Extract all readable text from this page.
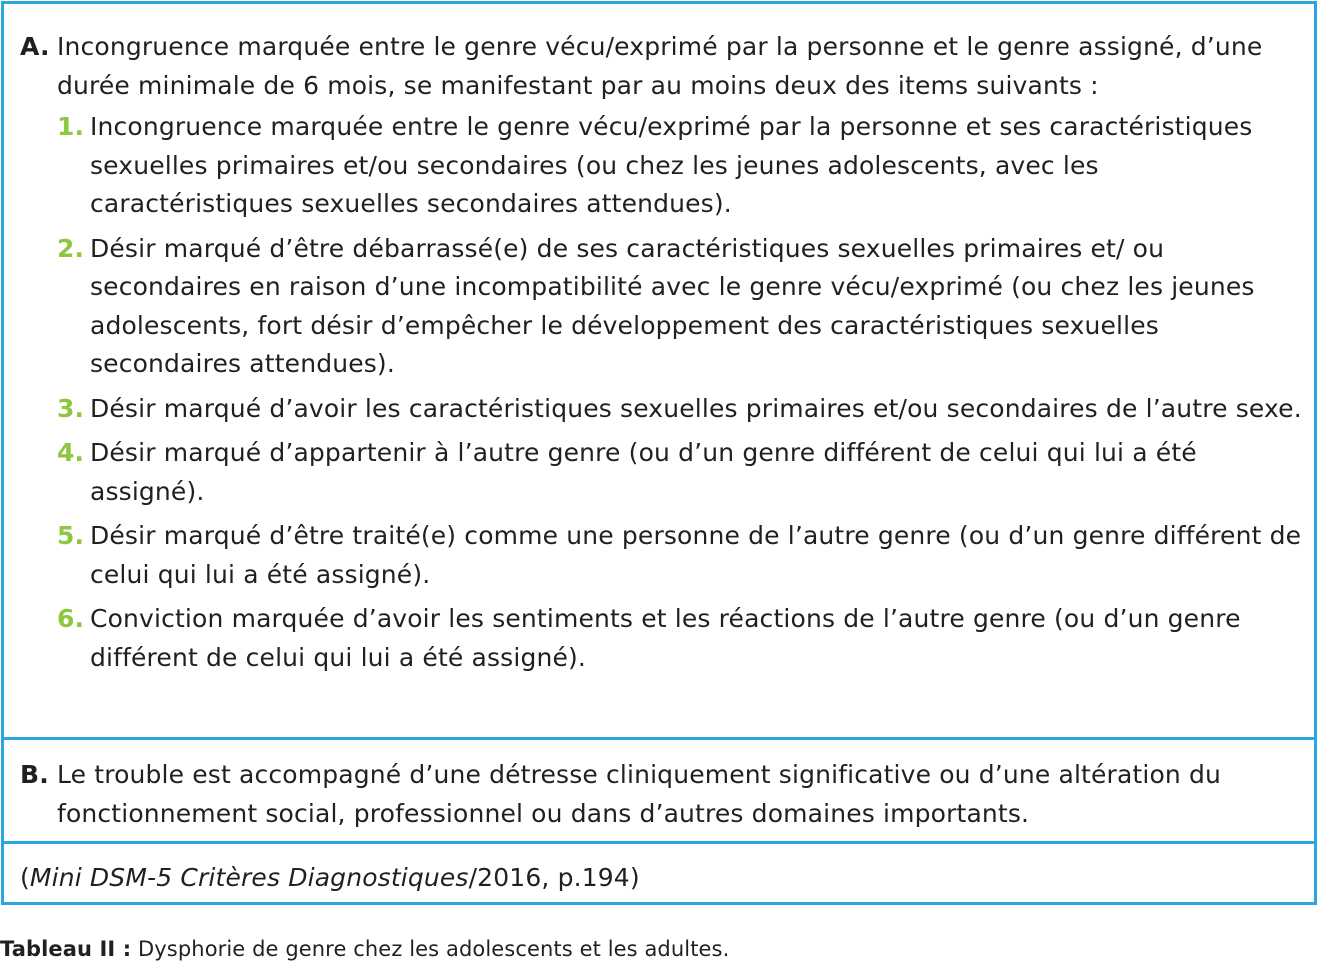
A. Incongruence marquée entre le genre vécu/exprimé par la personne et le genre assigné, d’une durée minimale de 6 mois, se manifestant par au moins deux des items suivants :
1. Incongruence marquée entre le genre vécu/exprimé par la personne et ses caractéristiques sexuelles primaires et/ou secondaires (ou chez les jeunes adolescents, avec les caractéristiques sexuelles secondaires attendues).
2. Désir marqué d’être débarrassé(e) de ses caractéristiques sexuelles primaires et/ ou secondaires en raison d’une incompatibilité avec le genre vécu/exprimé (ou chez les jeunes adolescents, fort désir d’empêcher le développement des caractéristiques sexuelles secondaires attendues).
3. Désir marqué d’avoir les caractéristiques sexuelles primaires et/ou secondaires de l’autre sexe.
4. Désir marqué d’appartenir à l’autre genre (ou d’un genre différent de celui qui lui a été assigné).
5. Désir marqué d’être traité(e) comme une personne de l’autre genre (ou d’un genre différent de celui qui lui a été assigné).
6. Conviction marquée d’avoir les sentiments et les réactions de l’autre genre (ou d’un genre différent de celui qui lui a été assigné).
B. Le trouble est accompagné d’une détresse cliniquement significative ou d’une altération du fonctionnement social, professionnel ou dans d’autres domaines importants.
(Mini DSM-5 Critères Diagnostiques/2016, p.194)
Tableau II : Dysphorie de genre chez les adolescents et les adultes.
